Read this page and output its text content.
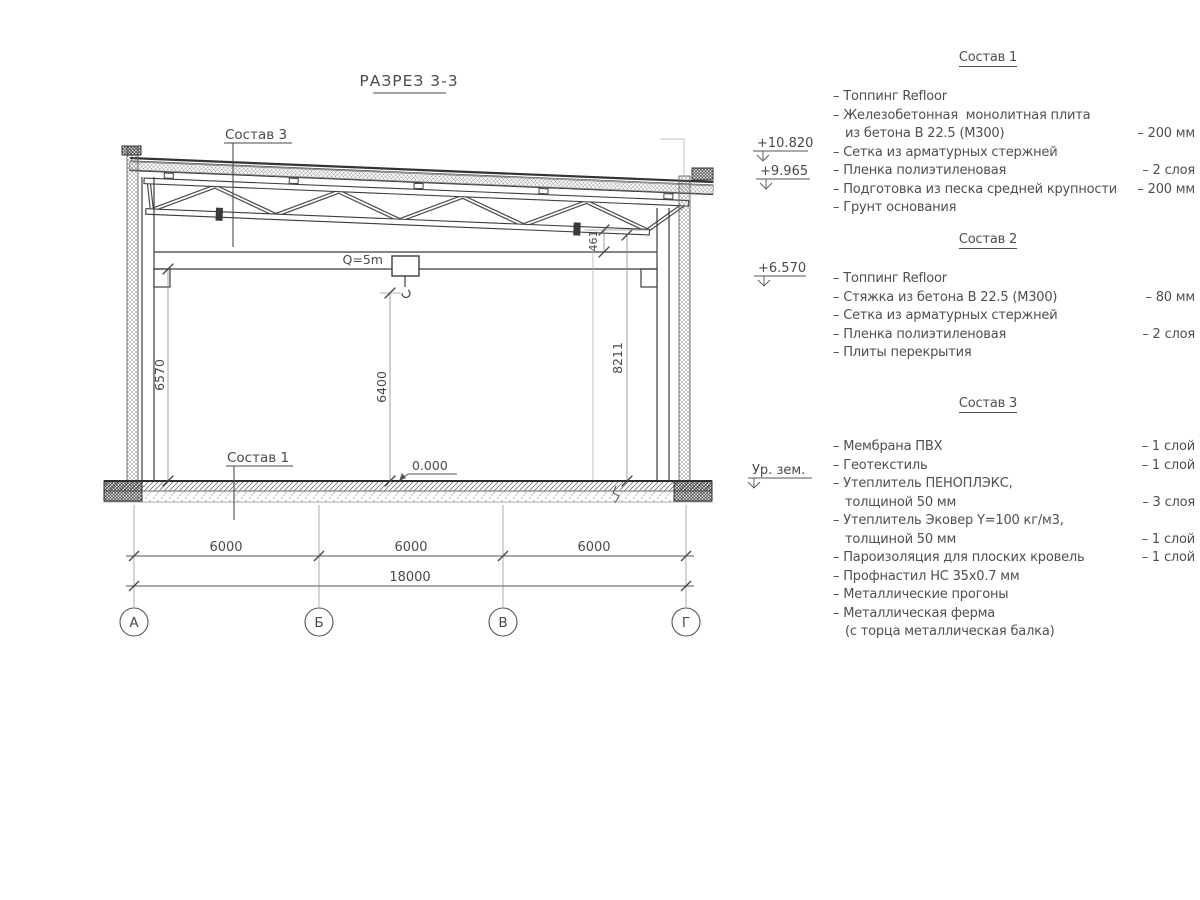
РАЗРЕЗ 3-3
Q=5m
Состав 3
Состав 1	0.000
6570	6400
8211
461
6000	6000	6000
18000
А	Б	В	Г
+10.820
+9.965
+6.570
Ур. зем.
Состав 1
– Топпинг Refloor
– Железобетонная  монолитная плита
из бетона В 22.5 (М300)	– 200 мм
– Сетка из арматурных стержней
– Пленка полиэтиленовая	– 2 слоя
– Подготовка из песка средней крупности – 200 мм
– Грунт основания
Состав 2
– Топпинг Refloor
– Стяжка из бетона В 22.5 (М300)	– 80 мм
– Сетка из арматурных стержней
– Пленка полиэтиленовая	– 2 слоя
– Плиты перекрытия
Состав 3
– Мембрана ПВХ	– 1 слой
– Геотекстиль	– 1 слой
– Утеплитель ПЕНОПЛЭКС,
толщиной 50 мм	– 3 слоя
– Утеплитель Эковер Y=100 кг/м3,
толщиной 50 мм	– 1 слой
– Пароизоляция для плоских кровель	– 1 слой
– Профнастил НС 35х0.7 мм
– Металлические прогоны
– Металлическая ферма
(с торца металлическая балка)
